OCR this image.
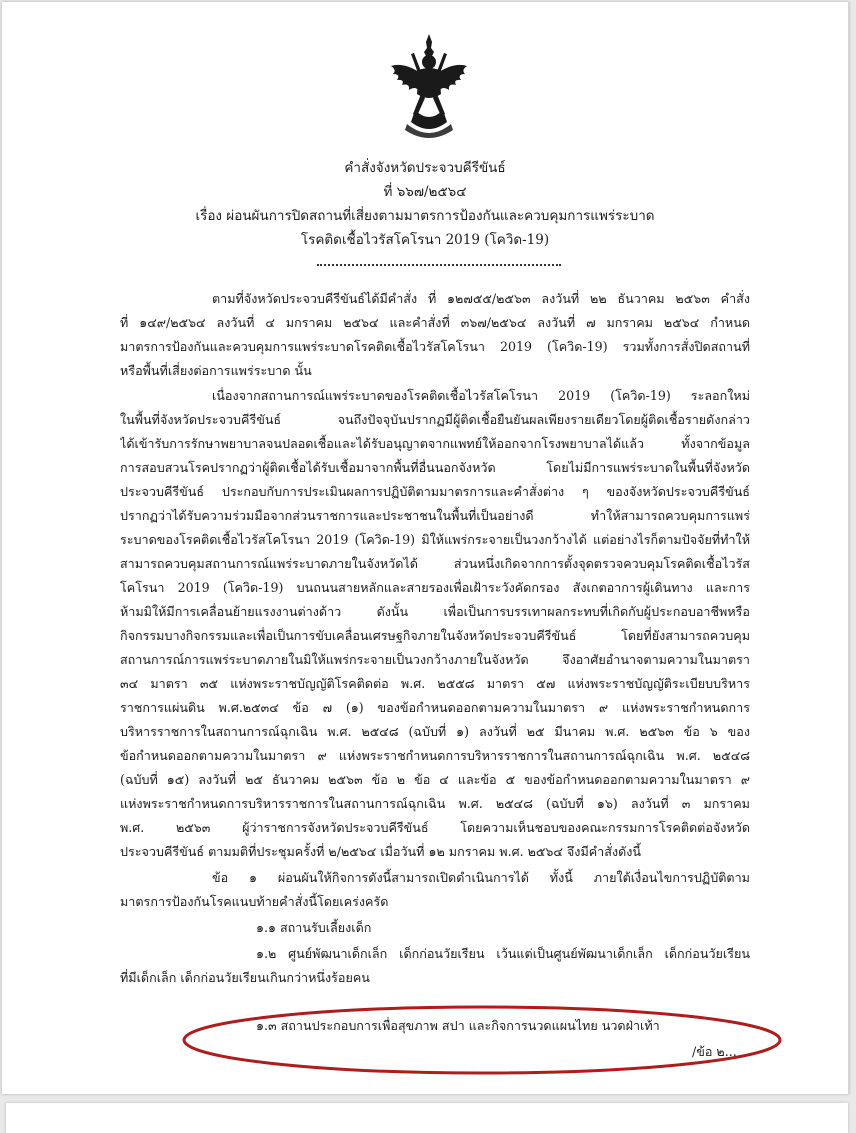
คำสั่งจังหวัดประจวบคีรีขันธ์
ที่ ๖๖๗/๒๕๖๔
เรื่อง ผ่อนผันการปิดสถานที่เสี่ยงตามมาตรการป้องกันและควบคุมการแพร่ระบาด
โรคติดเชื้อไวรัสโคโรนา 2019 (โควิด-19)
ตามที่จังหวัดประจวบคีรีขันธ์ได้มีคำสั่ง ที่ ๑๒๗๕๕/๒๕๖๓ ลงวันที่ ๒๒ ธันวาคม ๒๕๖๓ คำสั่ง
ที่ ๑๔๙/๒๕๖๔ ลงวันที่ ๔ มกราคม ๒๕๖๔ และคำสั่งที่ ๓๖๗/๒๕๖๔ ลงวันที่ ๗ มกราคม ๒๕๖๔ กำหนด
มาตรการป้องกันและควบคุมการแพร่ระบาดโรคติดเชื้อไวรัสโคโรนา 2019 (โควิด-19) รวมทั้งการสั่งปิดสถานที่
หรือพื้นที่เสี่ยงต่อการแพร่ระบาด นั้น
เนื่องจากสถานการณ์แพร่ระบาดของโรคติดเชื้อไวรัสโคโรนา 2019 (โควิด-19) ระลอกใหม่
ในพื้นที่จังหวัดประจวบคีรีขันธ์ จนถึงปัจจุบันปรากฏมีผู้ติดเชื้อยืนยันผลเพียงรายเดียวโดยผู้ติดเชื้อรายดังกล่าว
ได้เข้ารับการรักษาพยาบาลจนปลอดเชื้อและได้รับอนุญาตจากแพทย์ให้ออกจากโรงพยาบาลได้แล้ว ทั้งจากข้อมูล
การสอบสวนโรคปรากฏว่าผู้ติดเชื้อได้รับเชื้อมาจากพื้นที่อื่นนอกจังหวัด โดยไม่มีการแพร่ระบาดในพื้นที่จังหวัด
ประจวบคีรีขันธ์ ประกอบกับการประเมินผลการปฏิบัติตามมาตรการและคำสั่งต่าง ๆ ของจังหวัดประจวบคีรีขันธ์
ปรากฏว่าได้รับความร่วมมือจากส่วนราชการและประชาชนในพื้นที่เป็นอย่างดี ทำให้สามารถควบคุมการแพร่
ระบาดของโรคติดเชื้อไวรัสโคโรนา 2019 (โควิด-19) มิให้แพร่กระจายเป็นวงกว้างได้ แต่อย่างไรก็ตามปัจจัยที่ทำให้
สามารถควบคุมสถานการณ์แพร่ระบาดภายในจังหวัดได้ ส่วนหนึ่งเกิดจากการตั้งจุดตรวจควบคุมโรคติดเชื้อไวรัส
โคโรนา 2019 (โควิด-19) บนถนนสายหลักและสายรองเพื่อเฝ้าระวังคัดกรอง สังเกตอาการผู้เดินทาง และการ
ห้ามมิให้มีการเคลื่อนย้ายแรงงานต่างด้าว ดังนั้น เพื่อเป็นการบรรเทาผลกระทบที่เกิดกับผู้ประกอบอาชีพหรือ
กิจกรรมบางกิจกรรมและเพื่อเป็นการขับเคลื่อนเศรษฐกิจภายในจังหวัดประจวบคีรีขันธ์ โดยที่ยังสามารถควบคุม
สถานการณ์การแพร่ระบาดภายในมิให้แพร่กระจายเป็นวงกว้างภายในจังหวัด จึงอาศัยอำนาจตามความในมาตรา
๓๔ มาตรา ๓๕ แห่งพระราชบัญญัติโรคติดต่อ พ.ศ. ๒๕๕๘ มาตรา ๕๗ แห่งพระราชบัญญัติระเบียบบริหาร
ราชการแผ่นดิน พ.ศ.๒๕๓๔ ข้อ ๗ (๑) ของข้อกำหนดออกตามความในมาตรา ๙ แห่งพระราชกำหนดการ
บริหารราชการในสถานการณ์ฉุกเฉิน พ.ศ. ๒๕๔๘ (ฉบับที่ ๑) ลงวันที่ ๒๕ มีนาคม พ.ศ. ๒๕๖๓ ข้อ ๖ ของ
ข้อกำหนดออกตามความในมาตรา ๙ แห่งพระราชกำหนดการบริหารราชการในสถานการณ์ฉุกเฉิน พ.ศ. ๒๕๔๘
(ฉบับที่ ๑๕) ลงวันที่ ๒๕ ธันวาคม ๒๕๖๓ ข้อ ๒ ข้อ ๔ และข้อ ๕ ของข้อกำหนดออกตามความในมาตรา ๙
แห่งพระราชกำหนดการบริหารราชการในสถานการณ์ฉุกเฉิน พ.ศ. ๒๕๔๘ (ฉบับที่ ๑๖) ลงวันที่ ๓ มกราคม
พ.ศ. ๒๕๖๓ ผู้ว่าราชการจังหวัดประจวบคีรีขันธ์ โดยความเห็นชอบของคณะกรรมการโรคติดต่อจังหวัด
ประจวบคีรีขันธ์ ตามมติที่ประชุมครั้งที่ ๒/๒๕๖๔ เมื่อวันที่ ๑๒ มกราคม พ.ศ. ๒๕๖๔ จึงมีคำสั่งดังนี้
ข้อ ๑ ผ่อนผันให้กิจการดังนี้สามารถเปิดดำเนินการได้ ทั้งนี้ ภายใต้เงื่อนไขการปฏิบัติตาม
มาตรการป้องกันโรคแนบท้ายคำสั่งนี้โดยเคร่งครัด
๑.๑ สถานรับเลี้ยงเด็ก
๑.๒ ศูนย์พัฒนาเด็กเล็ก เด็กก่อนวัยเรียน เว้นแต่เป็นศูนย์พัฒนาเด็กเล็ก เด็กก่อนวัยเรียน
ที่มีเด็กเล็ก เด็กก่อนวัยเรียนเกินกว่าหนึ่งร้อยคน
๑.๓ สถานประกอบการเพื่อสุขภาพ สปา และกิจการนวดแผนไทย นวดฝ่าเท้า
/ข้อ ๒...
